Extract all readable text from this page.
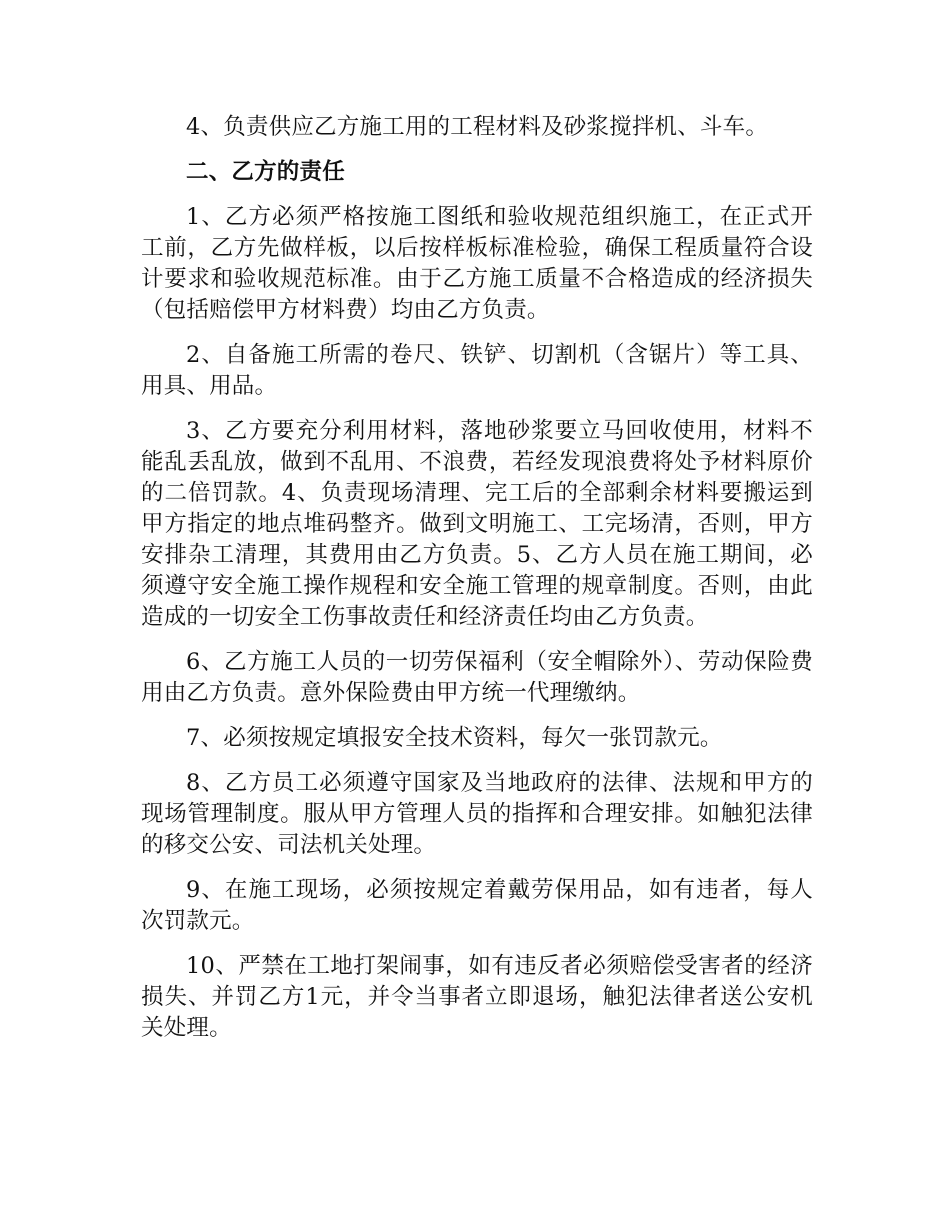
4、负责供应乙方施工用的工程材料及砂浆搅拌机、斗车。

二、乙方的责任

1、乙方必须严格按施工图纸和验收规范组织施工，在正式开工前，乙方先做样板，以后按样板标准检验，确保工程质量符合设计要求和验收规范标准。由于乙方施工质量不合格造成的经济损失（包括赔偿甲方材料费）均由乙方负责。

2、自备施工所需的卷尺、铁铲、切割机（含锯片）等工具、用具、用品。

3、乙方要充分利用材料，落地砂浆要立马回收使用，材料不能乱丢乱放，做到不乱用、不浪费，若经发现浪费将处予材料原价的二倍罚款。4、负责现场清理、完工后的全部剩余材料要搬运到甲方指定的地点堆码整齐。做到文明施工、工完场清，否则，甲方安排杂工清理，其费用由乙方负责。5、乙方人员在施工期间，必须遵守安全施工操作规程和安全施工管理的规章制度。否则，由此造成的一切安全工伤事故责任和经济责任均由乙方负责。

6、乙方施工人员的一切劳保福利（安全帽除外）、劳动保险费用由乙方负责。意外保险费由甲方统一代理缴纳。

7、必须按规定填报安全技术资料，每欠一张罚款元。

8、乙方员工必须遵守国家及当地政府的法律、法规和甲方的现场管理制度。服从甲方管理人员的指挥和合理安排。如触犯法律的移交公安、司法机关处理。

9、在施工现场，必须按规定着戴劳保用品，如有违者，每人次罚款元。

10、严禁在工地打架闹事，如有违反者必须赔偿受害者的经济损失、并罚乙方1元，并令当事者立即退场，触犯法律者送公安机关处理。
